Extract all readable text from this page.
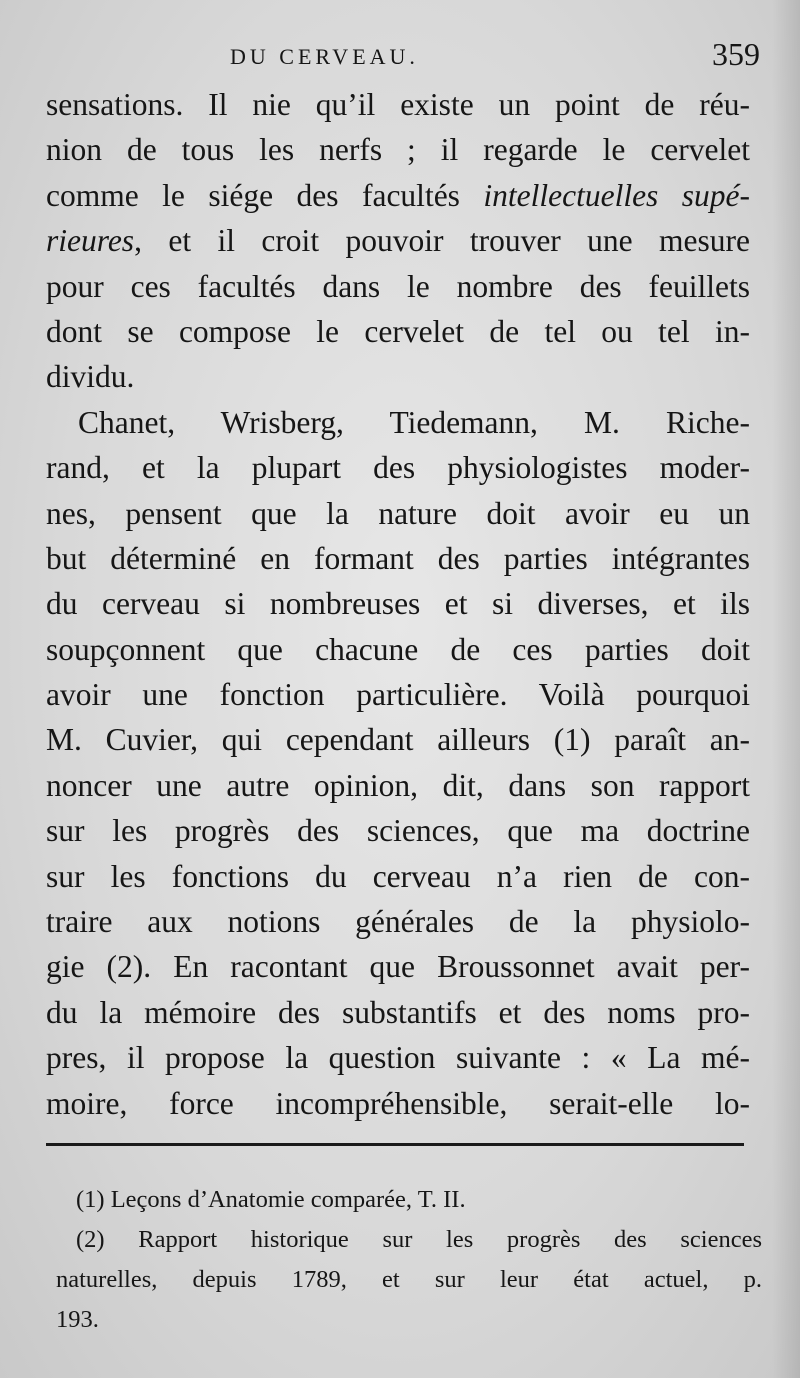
DU CERVEAU.	359
sensations. Il nie qu’il existe un point de réu-
nion de tous les nerfs ; il regarde le cervelet
comme le siége des facultés intellectuelles supé-
rieures, et il croit pouvoir trouver une mesure
pour ces facultés dans le nombre des feuillets
dont se compose le cervelet de tel ou tel in-
dividu.
Chanet, Wrisberg, Tiedemann, M. Riche-
rand, et la plupart des physiologistes moder-
nes, pensent que la nature doit avoir eu un
but déterminé en formant des parties intégrantes
du cerveau si nombreuses et si diverses, et ils
soupçonnent que chacune de ces parties doit
avoir une fonction particulière. Voilà pourquoi
M. Cuvier, qui cependant ailleurs (1) paraît an-
noncer une autre opinion, dit, dans son rapport
sur les progrès des sciences, que ma doctrine
sur les fonctions du cerveau n’a rien de con-
traire aux notions générales de la physiolo-
gie (2). En racontant que Broussonnet avait per-
du la mémoire des substantifs et des noms pro-
pres, il propose la question suivante : « La mé-
moire, force incompréhensible, serait-elle lo-
(1) Leçons d’Anatomie comparée, T. II.
(2) Rapport historique sur les progrès des sciences
naturelles, depuis 1789, et sur leur état actuel, p.
193.
